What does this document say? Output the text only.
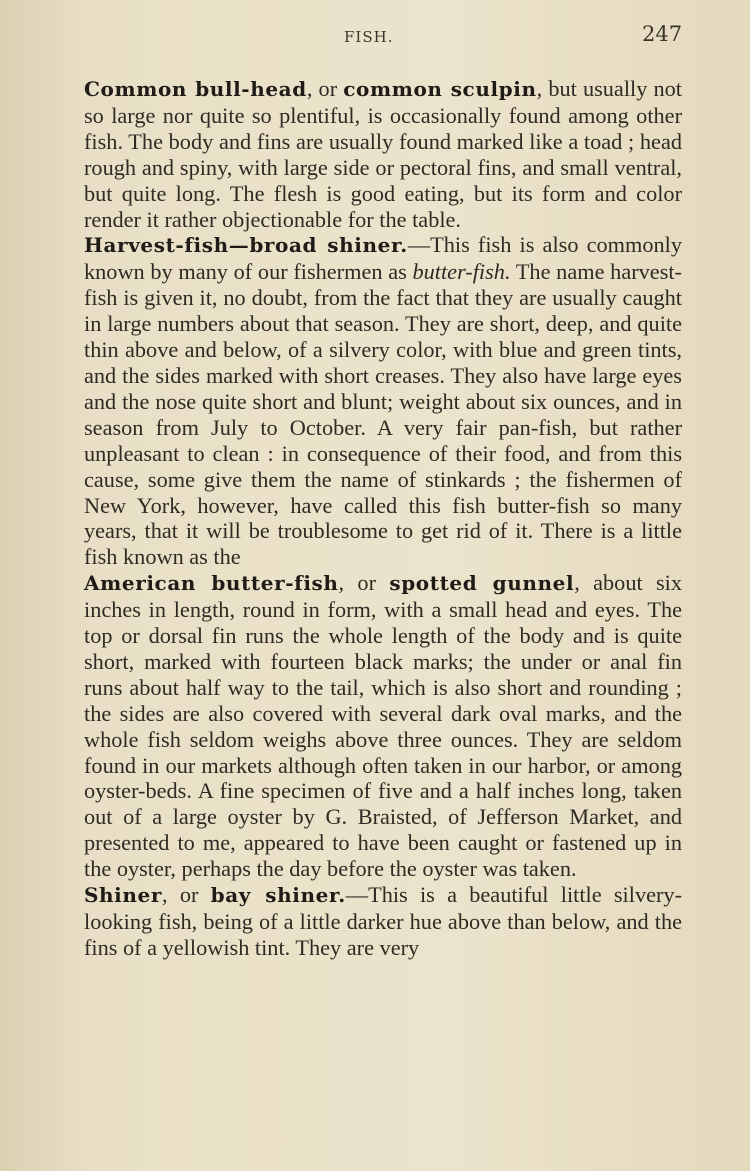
FISH.	247

Common bull-head, or common sculpin, but usually not so large nor quite so plentiful, is occasionally found among other fish. The body and fins are usually found marked like a toad ; head rough and spiny, with large side or pectoral fins, and small ventral, but quite long. The flesh is good eating, but its form and color render it rather objectionable for the table.

Harvest-fish—broad shiner.—This fish is also commonly known by many of our fishermen as butter-fish. The name harvest-fish is given it, no doubt, from the fact that they are usually caught in large numbers about that season. They are short, deep, and quite thin above and below, of a silvery color, with blue and green tints, and the sides marked with short creases. They also have large eyes and the nose quite short and blunt; weight about six ounces, and in season from July to October. A very fair pan-fish, but rather unpleasant to clean : in consequence of their food, and from this cause, some give them the name of stinkards ; the fishermen of New York, however, have called this fish butter-fish so many years, that it will be troublesome to get rid of it. There is a little fish known as the

American butter-fish, or spotted gunnel, about six inches in length, round in form, with a small head and eyes. The top or dorsal fin runs the whole length of the body and is quite short, marked with fourteen black marks; the under or anal fin runs about half way to the tail, which is also short and rounding ; the sides are also covered with several dark oval marks, and the whole fish seldom weighs above three ounces. They are seldom found in our markets although often taken in our harbor, or among oyster-beds. A fine specimen of five and a half inches long, taken out of a large oyster by G. Braisted, of Jefferson Market, and presented to me, appeared to have been caught or fastened up in the oyster, perhaps the day before the oyster was taken.

Shiner, or bay shiner.—This is a beautiful little silvery-looking fish, being of a little darker hue above than below, and the fins of a yellowish tint. They are very
